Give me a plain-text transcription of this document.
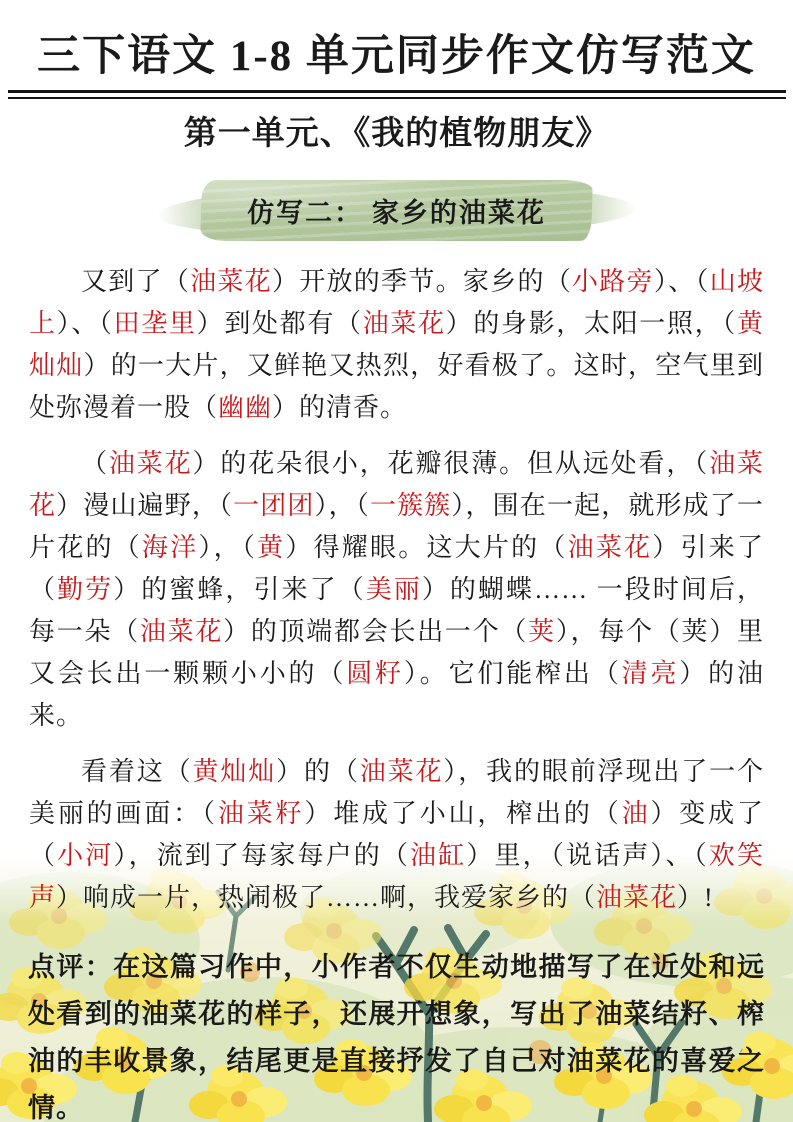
三下语文 1-8 单元同步作文仿写范文
第一单元、《我的植物朋友》
仿写二： 家乡的油菜花

又到了（油菜花）开放的季节。家乡的（小路旁）、（山坡上）、（田垄里）到处都有（油菜花）的身影，太阳一照，（黄灿灿）的一大片，又鲜艳又热烈，好看极了。这时，空气里到处弥漫着一股（幽幽）的清香。

（油菜花）的花朵很小，花瓣很薄。但从远处看，（油菜花）漫山遍野，（一团团），（一簇簇），围在一起，就形成了一片花的（海洋），（黄）得耀眼。这大片的（油菜花）引来了（勤劳）的蜜蜂，引来了（美丽）的蝴蝶…… 一段时间后，每一朵（油菜花）的顶端都会长出一个（荚），每个（荚）里又会长出一颗颗小小的（圆籽）。它们能榨出（清亮）的油来。

看着这（黄灿灿）的（油菜花），我的眼前浮现出了一个美丽的画面：（油菜籽）堆成了小山，榨出的（油）变成了（小河），流到了每家每户的（油缸）里，（说话声）、（欢笑声）响成一片，热闹极了……啊，我爱家乡的（油菜花）!

点评：在这篇习作中，小作者不仅生动地描写了在近处和远处看到的油菜花的样子，还展开想象，写出了油菜结籽、榨油的丰收景象，结尾更是直接抒发了自己对油菜花的喜爱之情。
